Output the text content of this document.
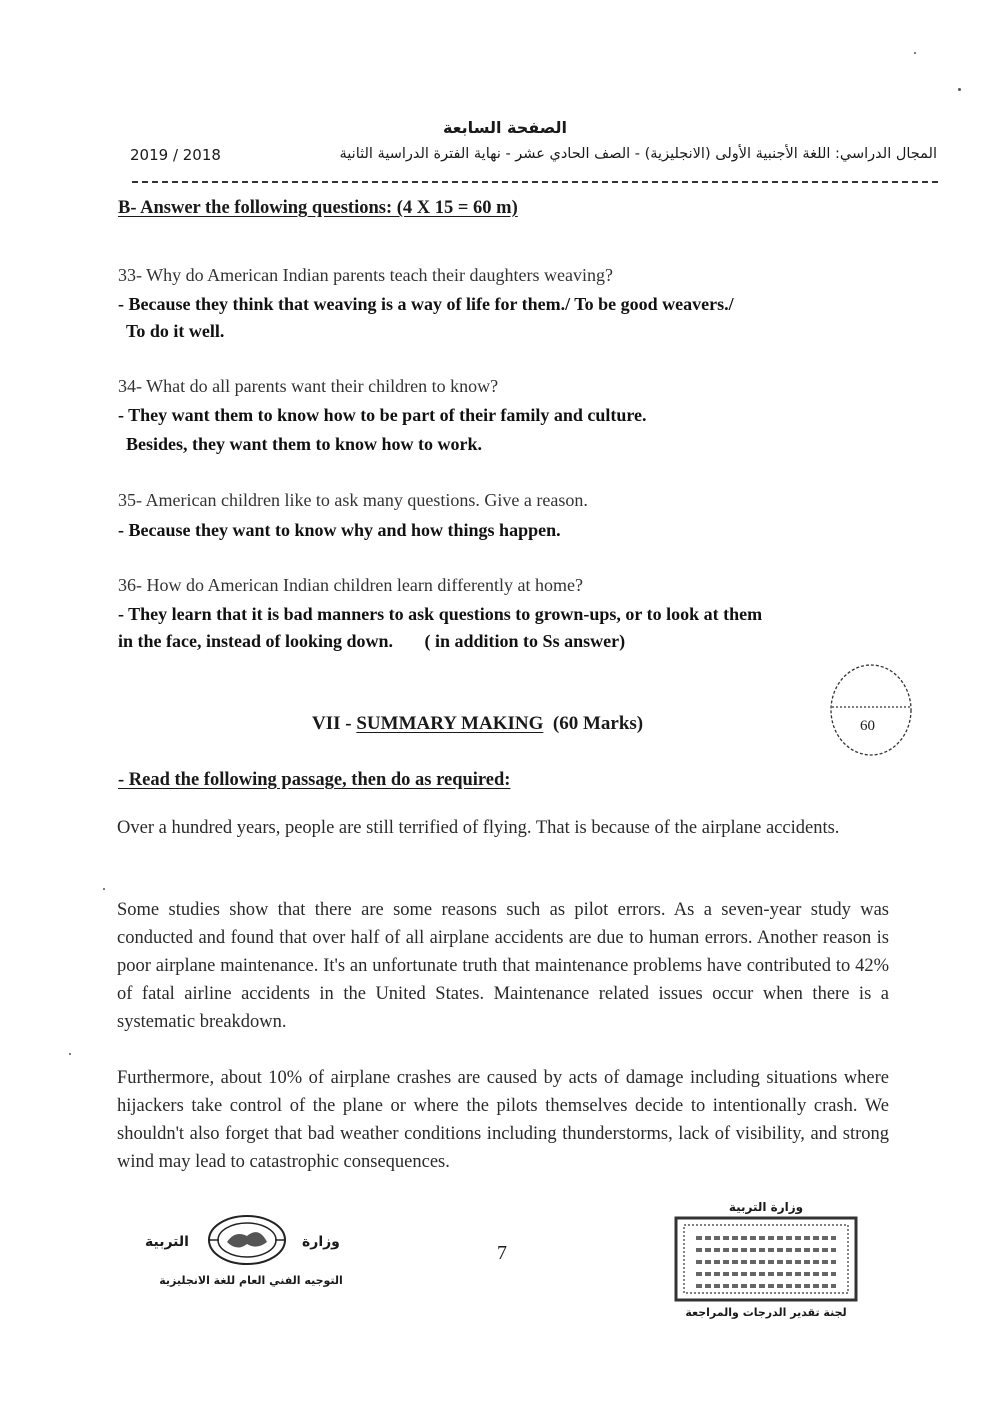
الصفحة السابعة
المجال الدراسي: اللغة الأجنبية الأولى (الانجليزية) - الصف الحادي عشر - نهاية الفترة الدراسية الثانية
2019 / 2018
B- Answer the following questions: (4 X 15 = 60 m)
33- Why do American Indian parents teach their daughters weaving?
- Because they think that weaving is a way of life for them./ To be good weavers./
To do it well.
34- What do all parents want their children to know?
- They want them to know how to be part of their family and culture.
Besides, they want them to know how to work.
35- American children like to ask many questions. Give a reason.
- Because they want to know why and how things happen.
36- How do American Indian children learn differently at home?
- They learn that it is bad manners to ask questions to grown-ups, or to look at them
in the face, instead of looking down.       ( in addition to Ss answer)
VII - SUMMARY MAKING (60 Marks)	60
- Read the following passage, then do as required:
Over a hundred years, people are still terrified of flying. That is because of the airplane accidents.
Some studies show that there are some reasons such as pilot errors. As a seven-year study was conducted and found that over half of all airplane accidents are due to human errors. Another reason is poor airplane maintenance. It's an unfortunate truth that maintenance problems have contributed to 42% of fatal airline accidents in the United States. Maintenance related issues occur when there is a systematic breakdown.
Furthermore, about 10% of airplane crashes are caused by acts of damage including situations where hijackers take control of the plane or where the pilots themselves decide to intentionally crash. We shouldn't also forget that bad weather conditions including thunderstorms, lack of visibility, and strong wind may lead to catastrophic consequences.
التربية	وزارة
التوجيه الفني العام للغة الانجليزية
7
وزارة التربية
لجنة تقدير الدرجات والمراجعة
